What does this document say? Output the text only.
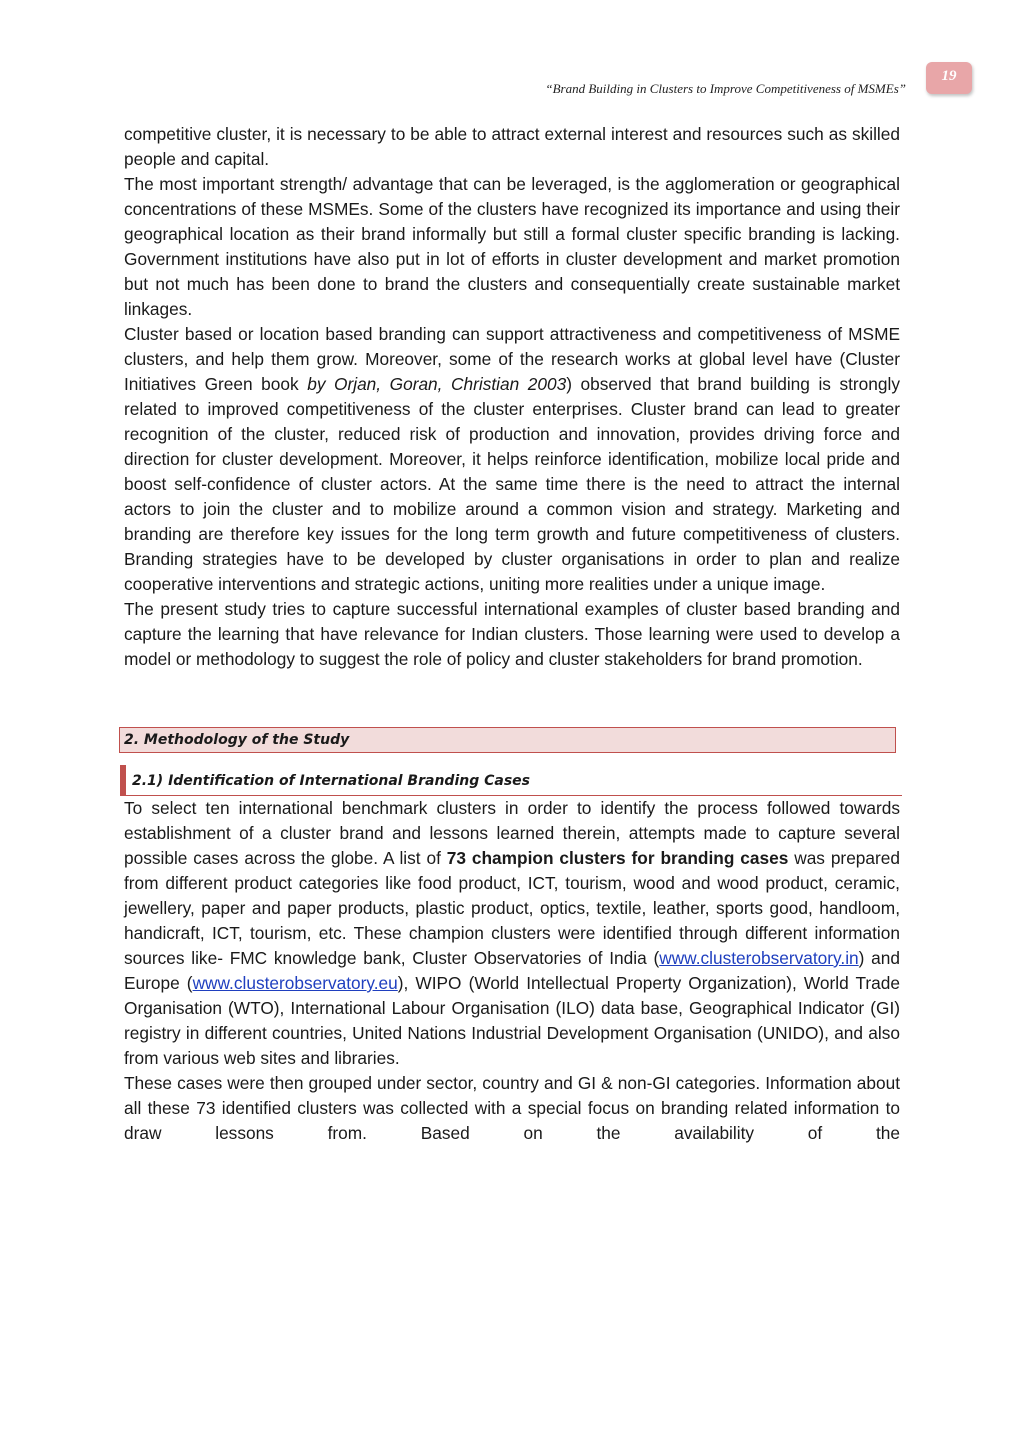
19
“Brand Building in Clusters to Improve Competitiveness of MSMEs”

competitive cluster, it is necessary to be able to attract external interest and resources such as skilled people and capital.

The most important strength/ advantage that can be leveraged, is the agglomeration or geographical concentrations of these MSMEs. Some of the clusters have recognized its importance and using their geographical location as their brand informally but still a formal cluster specific branding is lacking. Government institutions have also put in lot of efforts in cluster development and market promotion but not much has been done to brand the clusters and consequentially create sustainable market linkages.

Cluster based or location based branding can support attractiveness and competitiveness of MSME clusters, and help them grow. Moreover, some of the research works at global level have (Cluster Initiatives Green book by Orjan, Goran, Christian 2003) observed that brand building is strongly related to improved competitiveness of the cluster enterprises. Cluster brand can lead to greater recognition of the cluster, reduced risk of production and innovation, provides driving force and direction for cluster development. Moreover, it helps reinforce identification, mobilize local pride and boost self-confidence of cluster actors. At the same time there is the need to attract the internal actors to join the cluster and to mobilize around a common vision and strategy. Marketing and branding are therefore key issues for the long term growth and future competitiveness of clusters. Branding strategies have to be developed by cluster organisations in order to plan and realize cooperative interventions and strategic actions, uniting more realities under a unique image.

The present study tries to capture successful international examples of cluster based branding and capture the learning that have relevance for Indian clusters. Those learning were used to develop a model or methodology to suggest the role of policy and cluster stakeholders for brand promotion.

2. Methodology of the Study
2.1) Identification of International Branding Cases

To select ten international benchmark clusters in order to identify the process followed towards establishment of a cluster brand and lessons learned therein, attempts made to capture several possible cases across the globe. A list of 73 champion clusters for branding cases was prepared from different product categories like food product, ICT, tourism, wood and wood product, ceramic, jewellery, paper and paper products, plastic product, optics, textile, leather, sports good, handloom, handicraft, ICT, tourism, etc. These champion clusters were identified through different information sources like- FMC knowledge bank, Cluster Observatories of India (www.clusterobservatory.in) and Europe (www.clusterobservatory.eu), WIPO (World Intellectual Property Organization), World Trade Organisation (WTO), International Labour Organisation (ILO) data base, Geographical Indicator (GI) registry in different countries, United Nations Industrial Development Organisation (UNIDO), and also from various web sites and libraries.

These cases were then grouped under sector, country and GI & non-GI categories. Information about all these 73 identified clusters was collected with a special focus on branding related information to draw lessons from. Based on the availability of the
